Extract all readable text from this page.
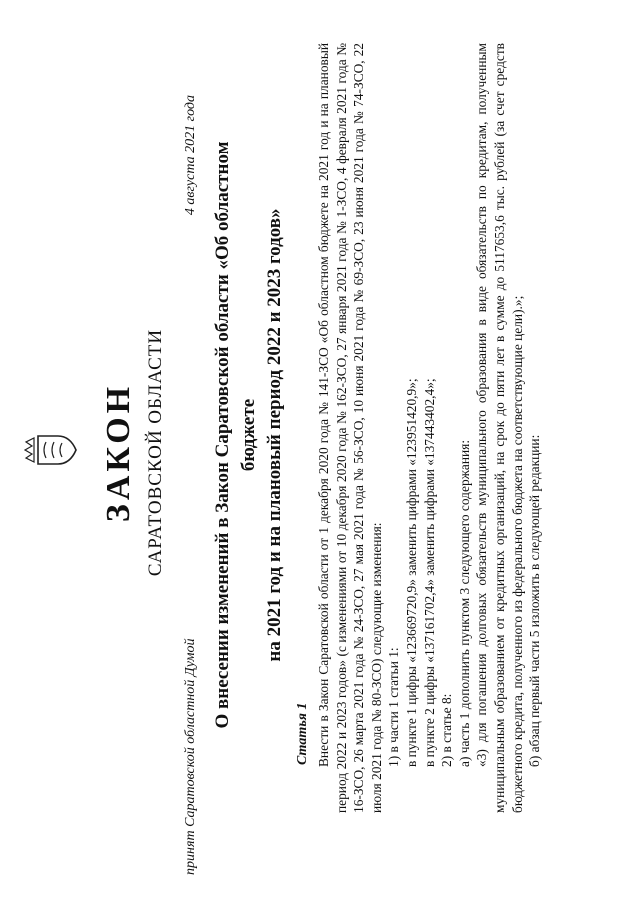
ЗАКОН САРАТОВСКОЙ ОБЛАСТИ
принят Саратовской областной Думой
4 августа 2021 года О внесении изменений в Закон Саратовской области «Об областном бюджете на 2021 год и на плановый период 2022 и 2023 годов»
Статья 1 Внести в Закон Саратовской области от 1 декабря 2020 года № 141-ЗСО «Об областном бюджете на 2021 год и на плановый период 2022 и 2023 годов» (с изменениями от 10 декабря 2020 года № 162-ЗСО, 27 января 2021 года № 1-ЗСО, 4 февраля 2021 года № 16-ЗСО, 26 марта 2021 года № 24-ЗСО, 27 мая 2021 года № 56-ЗСО, 10 июня 2021 года № 69-ЗСО, 23 июня 2021 года № 74-ЗСО, 22 июля 2021 года № 80-ЗСО) следующие изменения: 1) в части 1 статьи 1: в пункте 1 цифры «123669720,9» заменить цифрами «123951420,9»; в пункте 2 цифры «137161702,4» заменить цифрами «137443402,4»; 2) в статье 8: а) часть 1 дополнить пунктом 3 следующего содержания: «3) для погашения долговых обязательств муниципального образования в виде обязательств по кредитам, полученным муниципальным образованием от кредитных организаций, на срок до пяти лет в сумме до 5117653,6 тыс. рублей (за счет средств бюджетного кредита, полученного из федерального бюджета на соответствующие цели).»; б) абзац первый части 5 изложить в следующей редакции:
